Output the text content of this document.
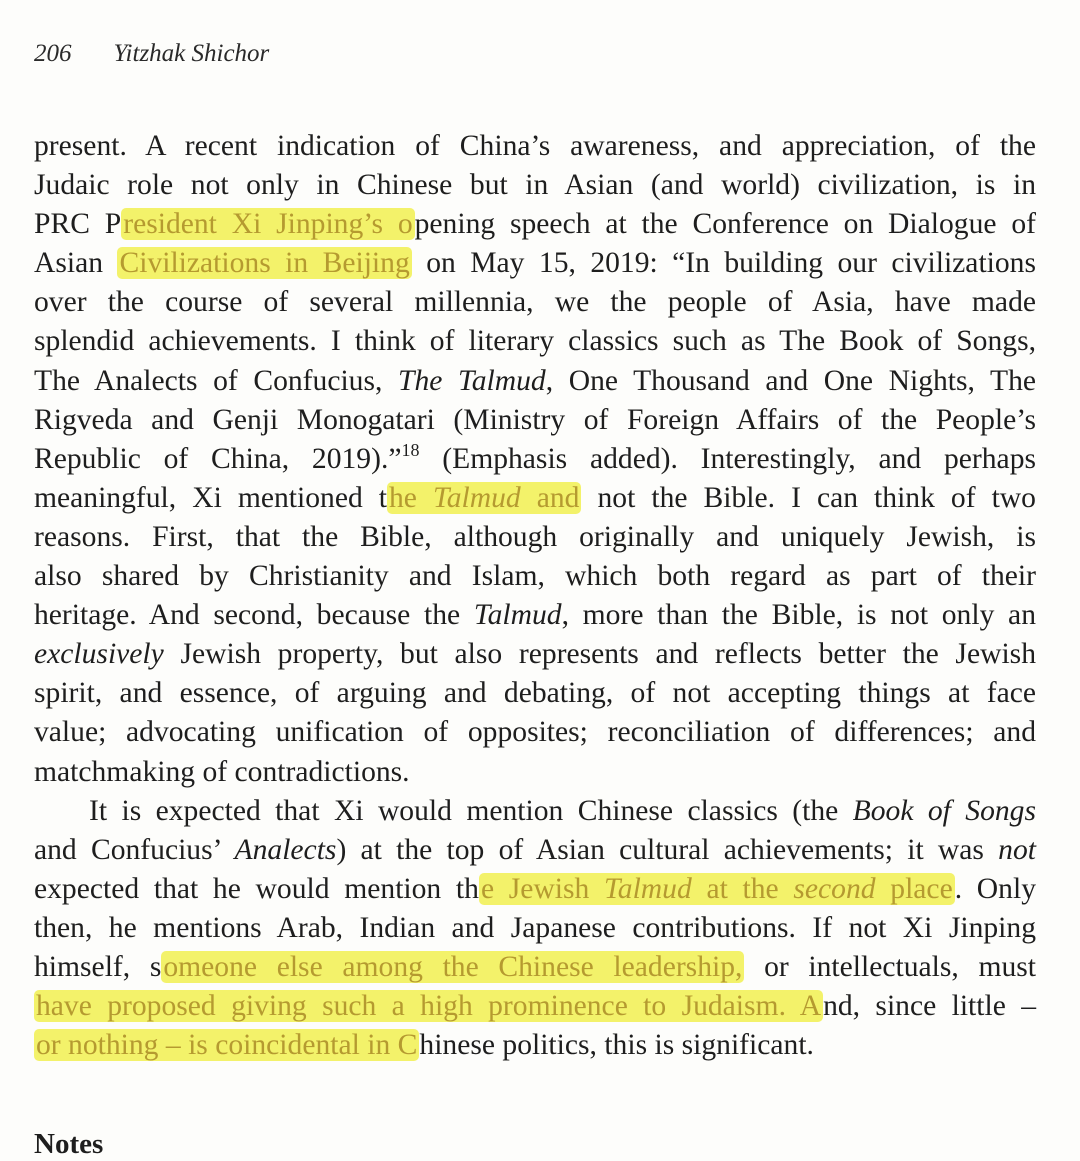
206 Yitzhak Shichor
present. A recent indication of China’s awareness, and appreciation, of the
Judaic role not only in Chinese but in Asian (and world) civilization, is in
PRC President Xi Jinping’s opening speech at the Conference on Dialogue of
Asian Civilizations in Beijing on May 15, 2019: “In building our civilizations
over the course of several millennia, we the people of Asia, have made
splendid achievements. I think of literary classics such as The Book of Songs,
The Analects of Confucius, The Talmud, One Thousand and One Nights, The
Rigveda and Genji Monogatari (Ministry of Foreign Affairs of the People’s
Republic of China, 2019).”$^{18}$ (Emphasis added). Interestingly, and perhaps
meaningful, Xi mentioned the Talmud and not the Bible. I can think of two
reasons. First, that the Bible, although originally and uniquely Jewish, is
also shared by Christianity and Islam, which both regard as part of their
heritage. And second, because the Talmud, more than the Bible, is not only an
exclusively Jewish property, but also represents and reflects better the Jewish
spirit, and essence, of arguing and debating, of not accepting things at face
value; advocating unification of opposites; reconciliation of differences; and
matchmaking of contradictions.
It is expected that Xi would mention Chinese classics (the Book of Songs
and Confucius’ Analects) at the top of Asian cultural achievements; it was not
expected that he would mention the Jewish Talmud at the second place. Only
then, he mentions Arab, Indian and Japanese contributions. If not Xi Jinping
himself, someone else among the Chinese leadership, or intellectuals, must
have proposed giving such a high prominence to Judaism. And, since little –
or nothing – is coincidental in Chinese politics, this is significant.
Notes
